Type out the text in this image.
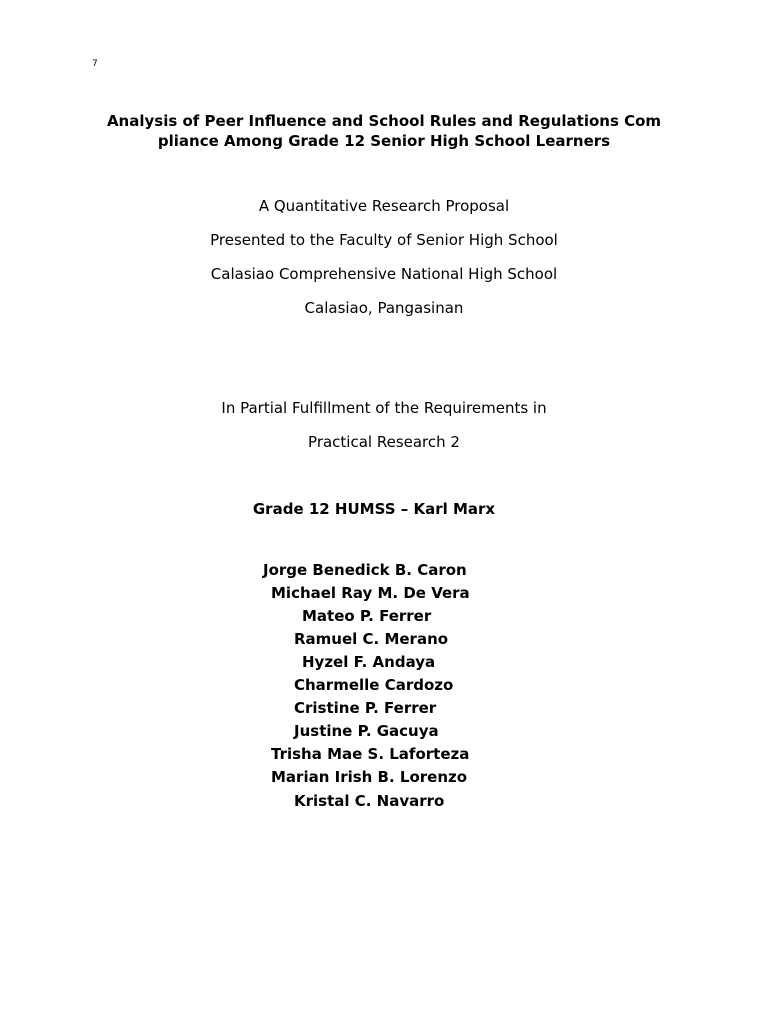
7
Analysis of Peer Influence and School Rules and Regulations Com
pliance Among Grade 12 Senior High School Learners
A Quantitative Research Proposal
Presented to the Faculty of Senior High School
Calasiao Comprehensive National High School
Calasiao, Pangasinan
In Partial Fulfillment of the Requirements in
Practical Research 2
Grade 12 HUMSS – Karl Marx
Jorge Benedick B. Caron
Michael Ray M. De Vera
Mateo P. Ferrer
Ramuel C. Merano
Hyzel F. Andaya
Charmelle Cardozo
Cristine P. Ferrer
Justine P. Gacuya
Trisha Mae S. Laforteza
Marian Irish B. Lorenzo
Kristal C. Navarro
